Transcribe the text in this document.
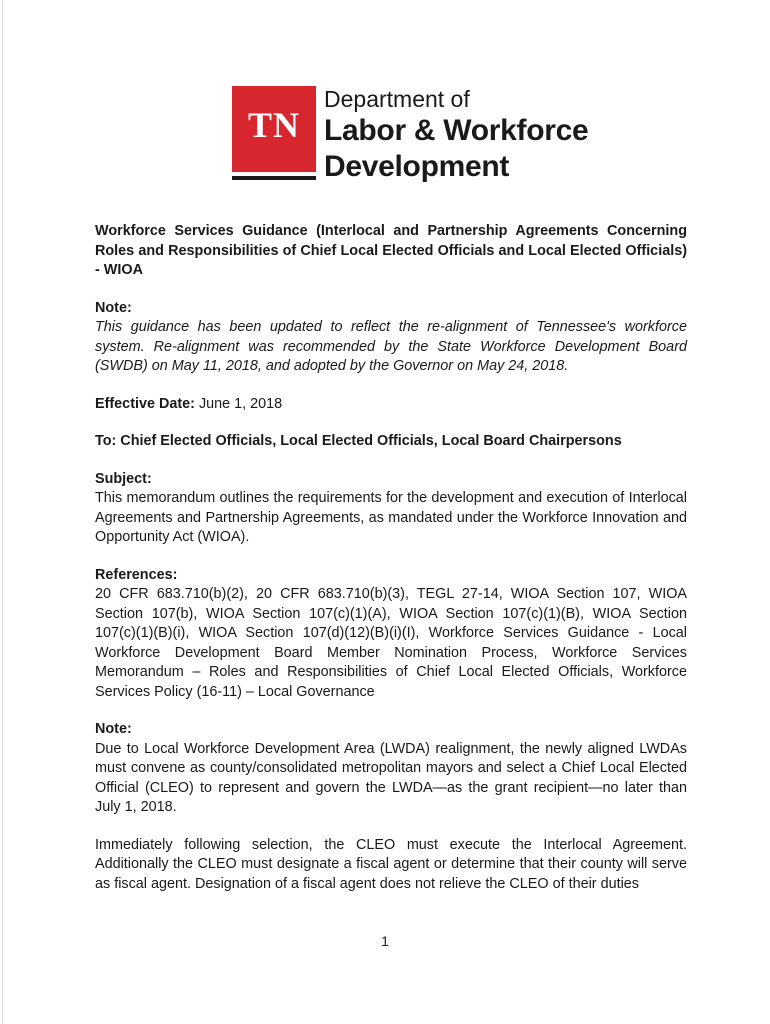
TN
Department of
Labor & Workforce
Development

Workforce Services Guidance (Interlocal and Partnership Agreements Concerning Roles and Responsibilities of Chief Local Elected Officials and Local Elected Officials) - WIOA

Note:

This guidance has been updated to reflect the re-alignment of Tennessee's workforce system. Re-alignment was recommended by the State Workforce Development Board (SWDB) on May 11, 2018, and adopted by the Governor on May 24, 2018.

Effective Date: June 1, 2018

To: Chief Elected Officials, Local Elected Officials, Local Board Chairpersons

Subject:

This memorandum outlines the requirements for the development and execution of Interlocal Agreements and Partnership Agreements, as mandated under the Workforce Innovation and Opportunity Act (WIOA).

References:

20 CFR 683.710(b)(2), 20 CFR 683.710(b)(3), TEGL 27-14, WIOA Section 107, WIOA Section 107(b), WIOA Section 107(c)(1)(A), WIOA Section 107(c)(1)(B), WIOA Section 107(c)(1)(B)(i), WIOA Section 107(d)(12)(B)(i)(I), Workforce Services Guidance - Local Workforce Development Board Member Nomination Process, Workforce Services Memorandum – Roles and Responsibilities of Chief Local Elected Officials, Workforce Services Policy (16-11) – Local Governance

Note:

Due to Local Workforce Development Area (LWDA) realignment, the newly aligned LWDAs must convene as county/consolidated metropolitan mayors and select a Chief Local Elected Official (CLEO) to represent and govern the LWDA—as the grant recipient—no later than July 1, 2018.

Immediately following selection, the CLEO must execute the Interlocal Agreement. Additionally the CLEO must designate a fiscal agent or determine that their county will serve as fiscal agent. Designation of a fiscal agent does not relieve the CLEO of their duties

1
